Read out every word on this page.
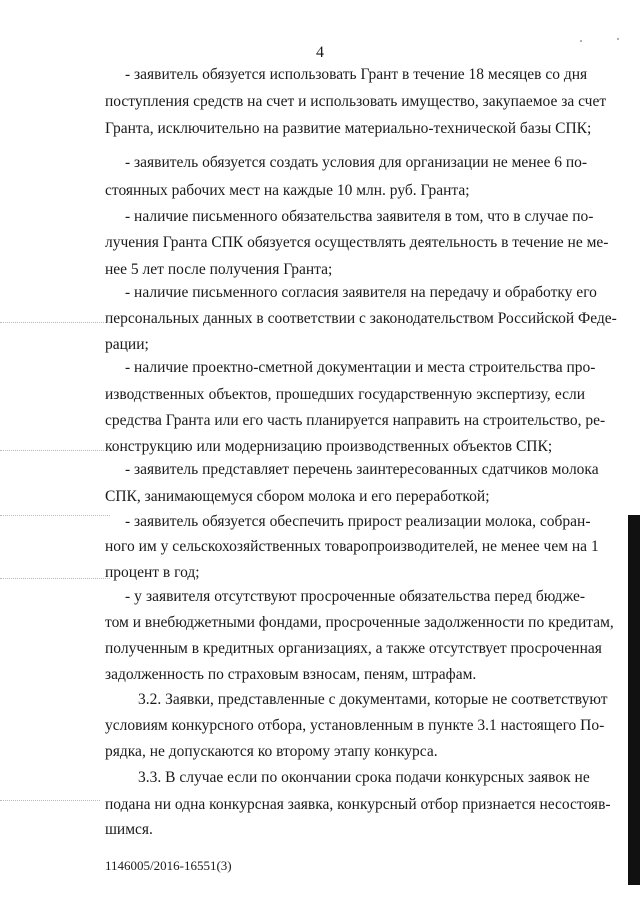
4
- заявитель обязуется использовать Грант в течение 18 месяцев со дня
поступления средств на счет и использовать имущество, закупаемое за счет
Гранта, исключительно на развитие материально-технической базы СПК;
- заявитель обязуется создать условия для организации не менее 6 по-
стоянных рабочих мест на каждые 10 млн. руб. Гранта;
- наличие письменного обязательства заявителя в том, что в случае по-
лучения Гранта СПК обязуется осуществлять деятельность в течение не ме-
нее 5 лет после получения Гранта;
- наличие письменного согласия заявителя на передачу и обработку его
персональных данных в соответствии с законодательством Российской Феде-
рации;
- наличие проектно-сметной документации и места строительства про-
изводственных объектов, прошедших государственную экспертизу, если
средства Гранта или его часть планируется направить на строительство, ре-
конструкцию или модернизацию производственных объектов СПК;
- заявитель представляет перечень заинтересованных сдатчиков молока
СПК, занимающемуся сбором молока и его переработкой;
- заявитель обязуется обеспечить прирост реализации молока, собран-
ного им у сельскохозяйственных товаропроизводителей, не менее чем на 1
процент в год;
- у заявителя отсутствуют просроченные обязательства перед бюдже-
том и внебюджетными фондами, просроченные задолженности по кредитам,
полученным в кредитных организациях, а также отсутствует просроченная
задолженность по страховым взносам, пеням, штрафам.
3.2. Заявки, представленные с документами, которые не соответствуют
условиям конкурсного отбора, установленным в пункте 3.1 настоящего По-
рядка, не допускаются ко второму этапу конкурса.
3.3. В случае если по окончании срока подачи конкурсных заявок не
подана ни одна конкурсная заявка, конкурсный отбор признается несостояв-
шимся.
1146005/2016-16551(3)
